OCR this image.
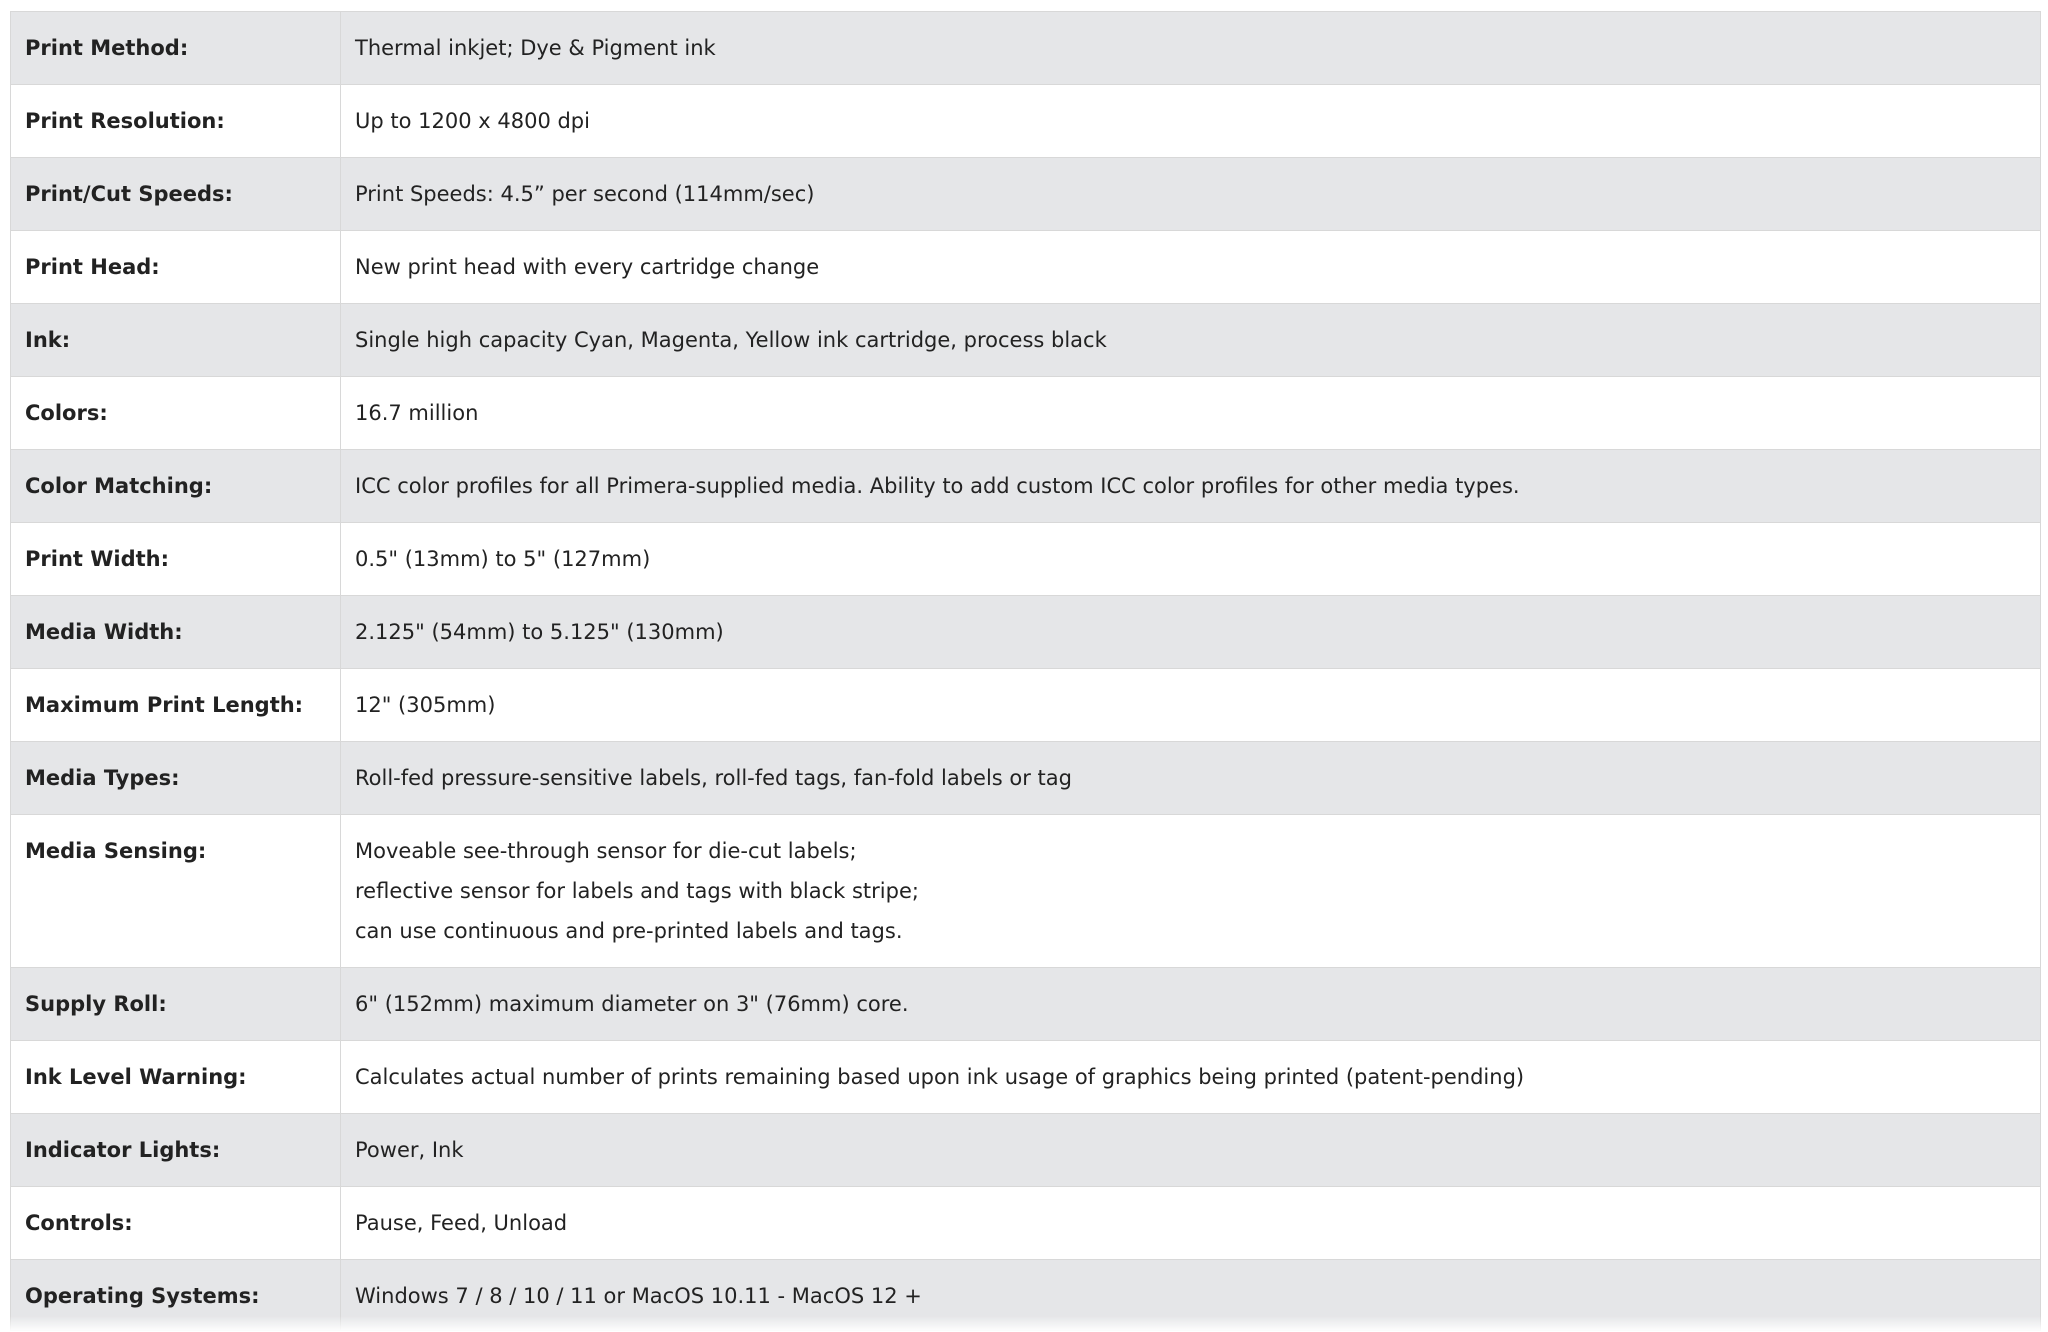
Print Method:	Thermal inkjet; Dye & Pigment ink
Print Resolution:	Up to 1200 x 4800 dpi
Print/Cut Speeds:	Print Speeds: 4.5” per second (114mm/sec)
Print Head:	New print head with every cartridge change
Ink:	Single high capacity Cyan, Magenta, Yellow ink cartridge, process black
Colors:	16.7 million
Color Matching:	ICC color profiles for all Primera-supplied media. Ability to add custom ICC color profiles for other media types.
Print Width:	0.5" (13mm) to 5" (127mm)
Media Width:	2.125" (54mm) to 5.125" (130mm)
Maximum Print Length:	12" (305mm)
Media Types:	Roll-fed pressure-sensitive labels, roll-fed tags, fan-fold labels or tag
Media Sensing:	Moveable see-through sensor for die-cut labels;
reflective sensor for labels and tags with black stripe;
can use continuous and pre-printed labels and tags.

Supply Roll:	6" (152mm) maximum diameter on 3" (76mm) core.
Ink Level Warning:	Calculates actual number of prints remaining based upon ink usage of graphics being printed (patent-pending)
Indicator Lights:	Power, Ink
Controls:	Pause, Feed, Unload
Operating Systems:	Windows 7 / 8 / 10 / 11 or MacOS 10.11 - MacOS 12 +
